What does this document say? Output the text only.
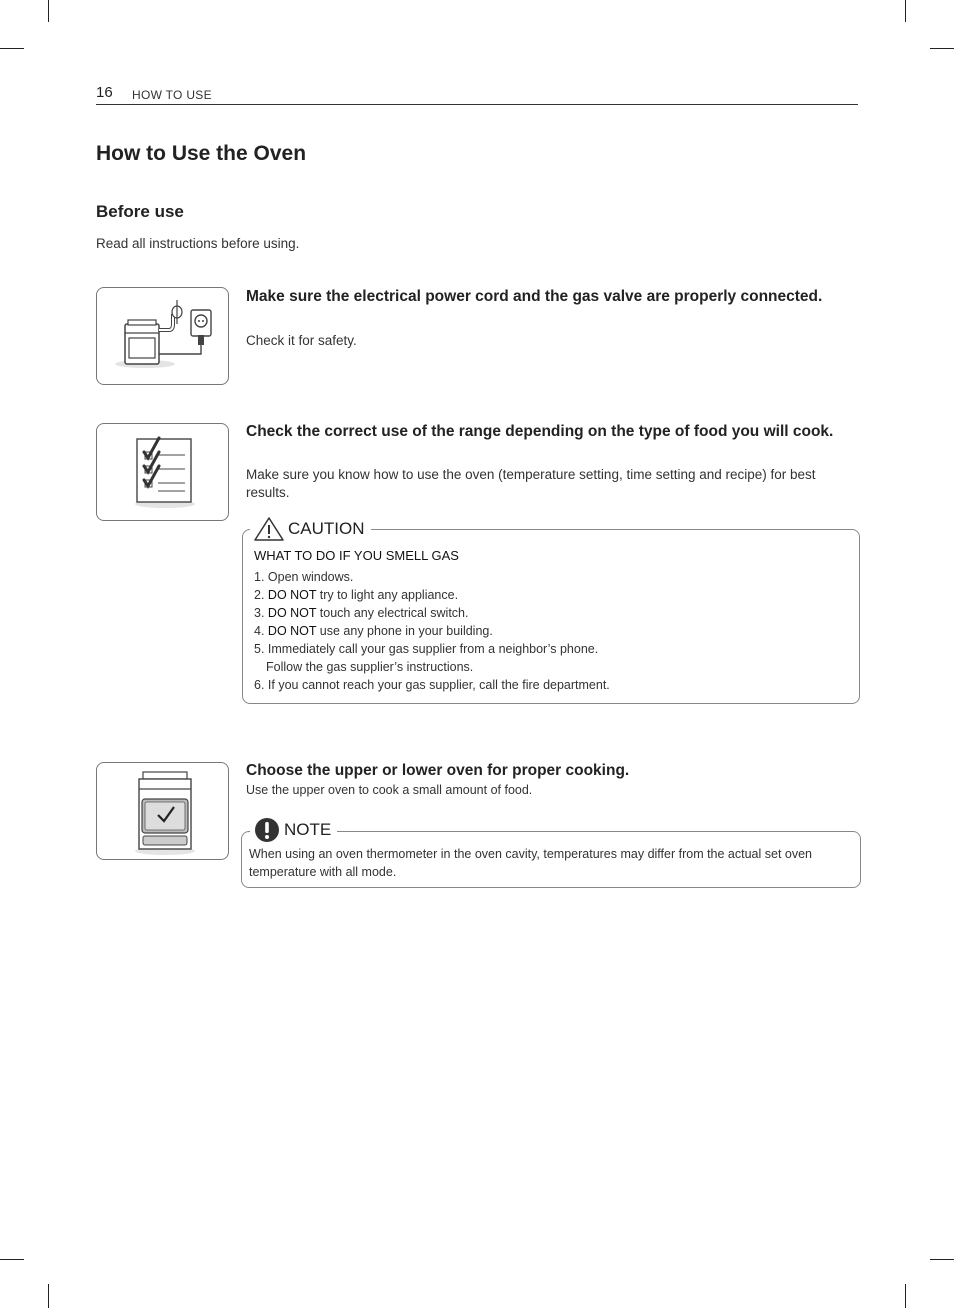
16 HOW TO USE
How to Use the Oven
Before use
Read all instructions before using.
Make sure the electrical power cord and the gas valve are properly connected.
Check it for safety.
Check the correct use of the range depending on the type of food you will cook.
Make sure you know how to use the oven (temperature setting, time setting and recipe) for best results.
CAUTION
WHAT TO DO IF YOU SMELL GAS
1. Open windows.
2. DO NOT try to light any appliance.
3. DO NOT touch any electrical switch.
4. DO NOT use any phone in your building.
5. Immediately call your gas supplier from a neighbor’s phone.
Follow the gas supplier’s instructions.
6. If you cannot reach your gas supplier, call the fire department.
Choose the upper or lower oven for proper cooking.
Use the upper oven to cook a small amount of food.
NOTE
When using an oven thermometer in the oven cavity, temperatures may differ from the actual set oven temperature with all mode.
